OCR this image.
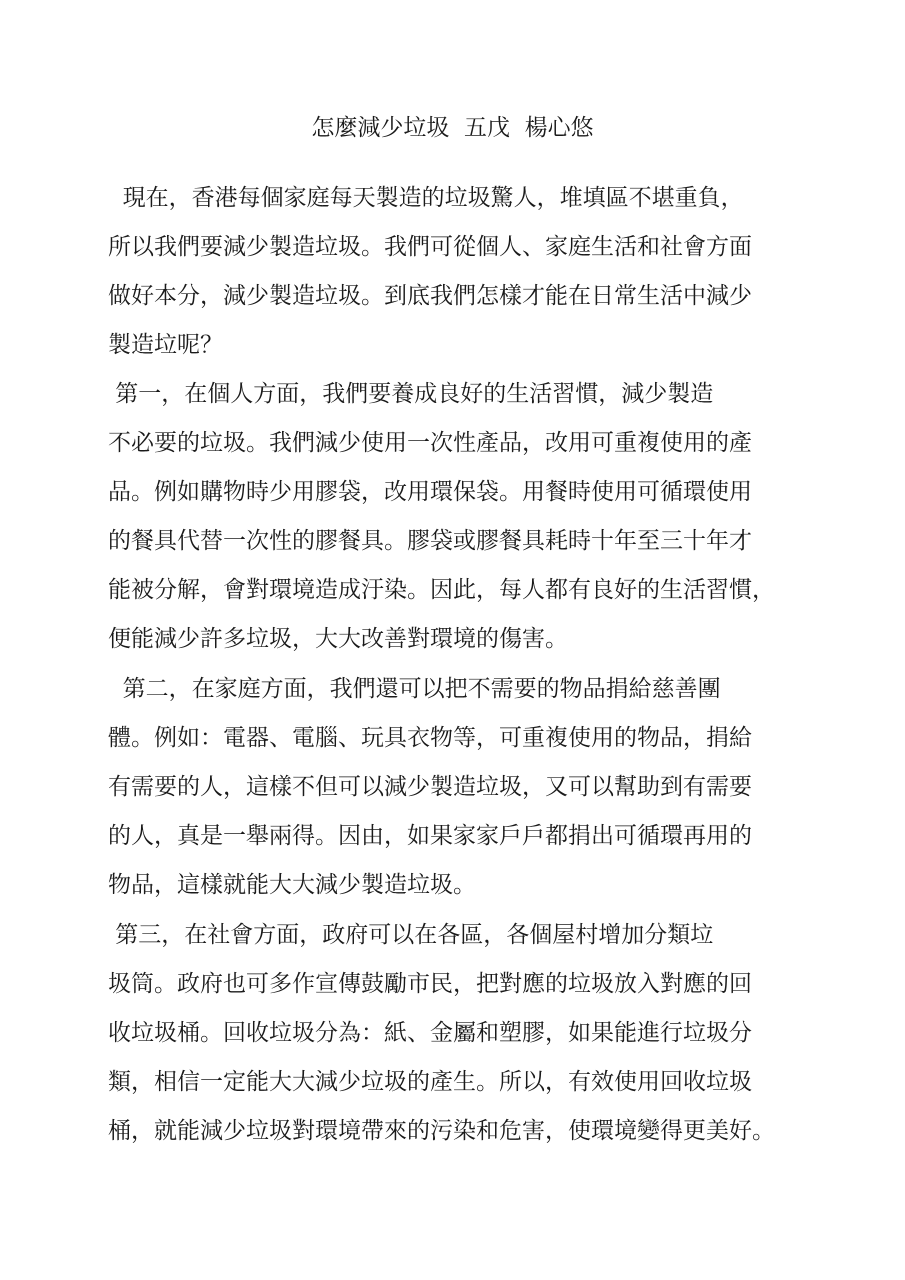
怎麼減少垃圾  五戊  楊心悠
現在，香港每個家庭每天製造的垃圾驚人，堆填區不堪重負，
所以我們要減少製造垃圾。我們可從個人、家庭生活和社會方面
做好本分，減少製造垃圾。到底我們怎樣才能在日常生活中減少
製造垃呢？
第一，在個人方面，我們要養成良好的生活習慣，減少製造
不必要的垃圾。我們減少使用一次性產品，改用可重複使用的產
品。例如購物時少用膠袋，改用環保袋。用餐時使用可循環使用
的餐具代替一次性的膠餐具。膠袋或膠餐具耗時十年至三十年才
能被分解，會對環境造成汙染。因此，每人都有良好的生活習慣，
便能減少許多垃圾，大大改善對環境的傷害。
第二，在家庭方面，我們還可以把不需要的物品捐給慈善團
體。例如：電器、電腦、玩具衣物等，可重複使用的物品，捐給
有需要的人，這樣不但可以減少製造垃圾，又可以幫助到有需要
的人，真是一舉兩得。因由，如果家家戶戶都捐出可循環再用的
物品，這樣就能大大減少製造垃圾。
第三，在社會方面，政府可以在各區，各個屋村增加分類垃
圾筒。政府也可多作宣傳鼓勵市民，把對應的垃圾放入對應的回
收垃圾桶。回收垃圾分為：紙、金屬和塑膠，如果能進行垃圾分
類，相信一定能大大減少垃圾的產生。所以，有效使用回收垃圾
桶，就能減少垃圾對環境帶來的污染和危害，使環境變得更美好。
